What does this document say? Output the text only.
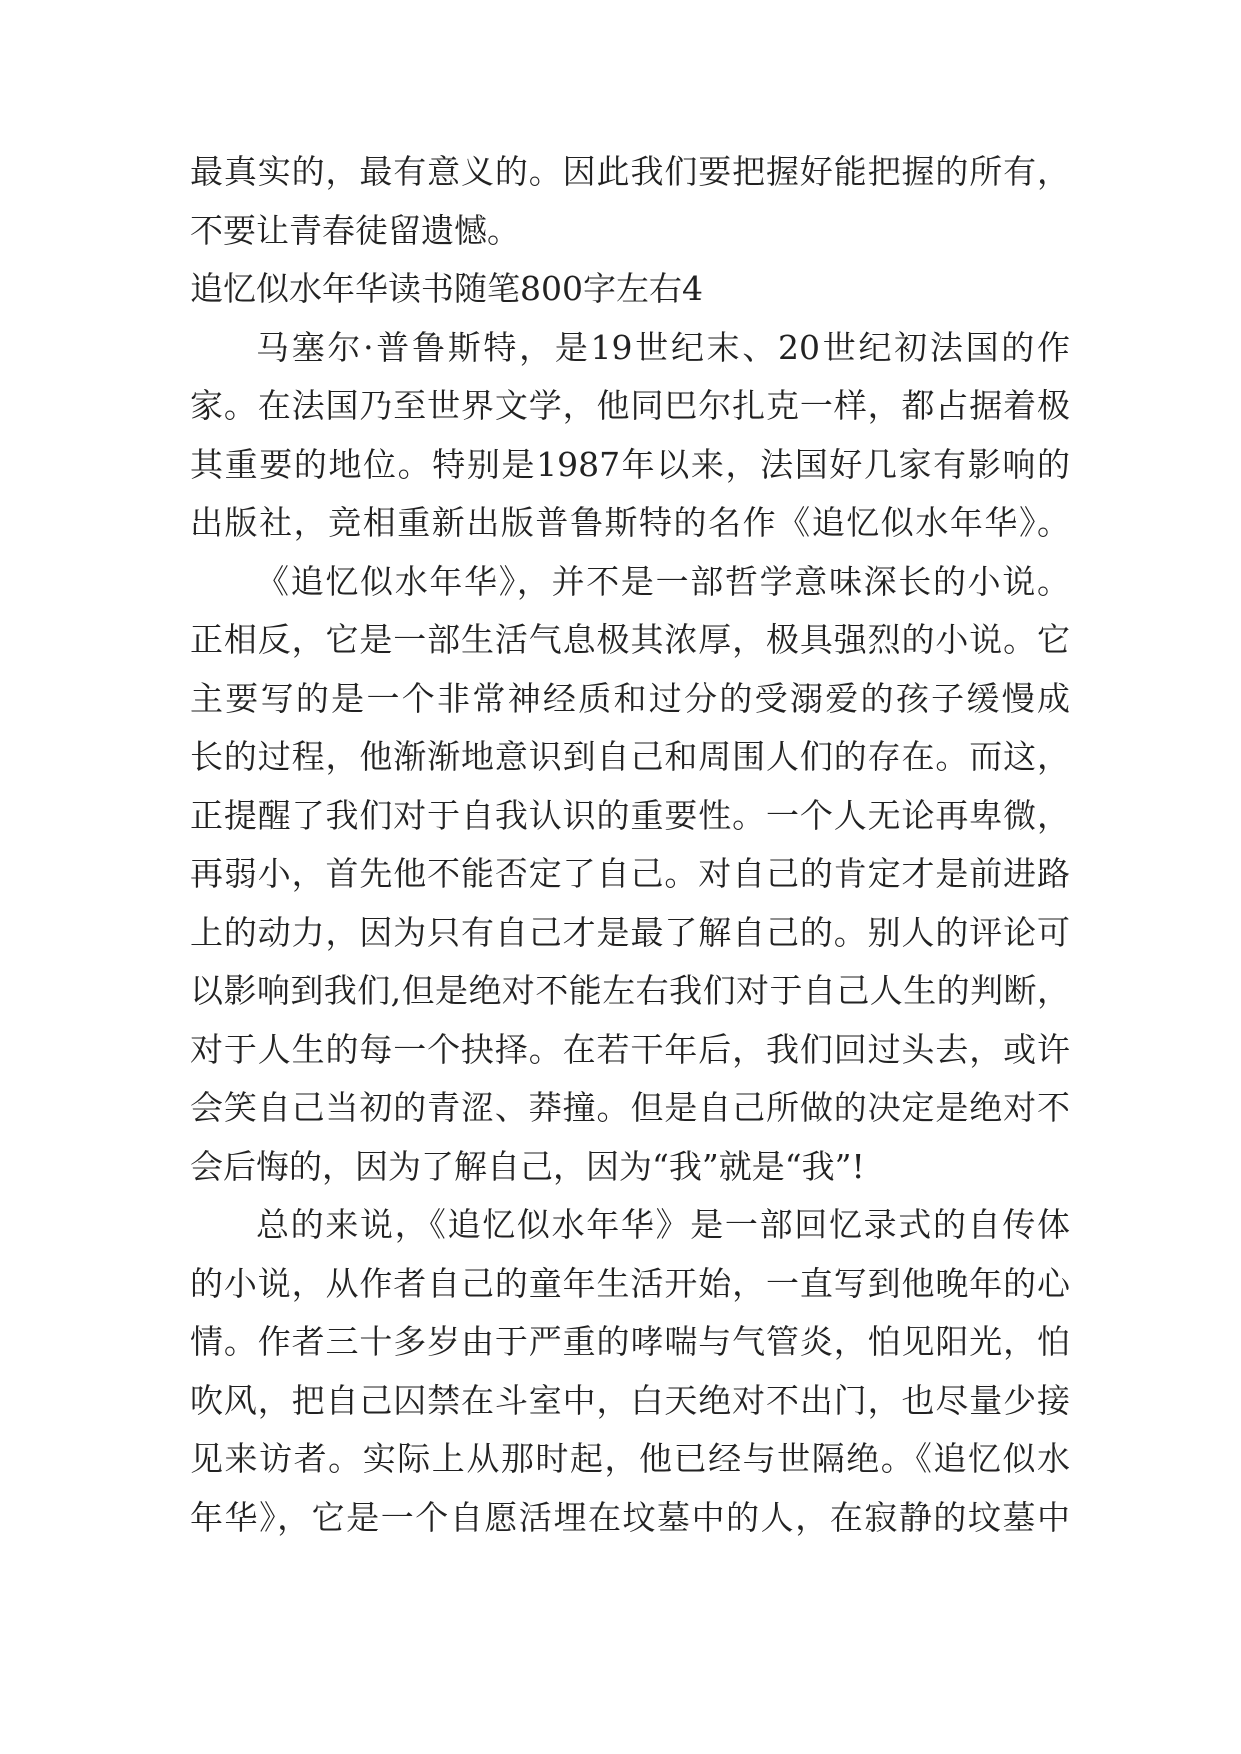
最真实的，最有意义的。因此我们要把握好能把握的所有，
不要让青春徒留遗憾。
追忆似水年华读书随笔800字左右4
马塞尔·普鲁斯特，是19世纪末、20世纪初法国的作
家。在法国乃至世界文学，他同巴尔扎克一样，都占据着极
其重要的地位。特别是1987年以来，法国好几家有影响的
出版社，竞相重新出版普鲁斯特的名作《追忆似水年华》。
《追忆似水年华》，并不是一部哲学意味深长的小说。
正相反，它是一部生活气息极其浓厚，极具强烈的小说。它
主要写的是一个非常神经质和过分的受溺爱的孩子缓慢成
长的过程，他渐渐地意识到自己和周围人们的存在。而这，
正提醒了我们对于自我认识的重要性。一个人无论再卑微，
再弱小，首先他不能否定了自己。对自己的肯定才是前进路
上的动力，因为只有自己才是最了解自己的。别人的评论可
以影响到我们,但是绝对不能左右我们对于自己人生的判断，
对于人生的每一个抉择。在若干年后，我们回过头去，或许
会笑自己当初的青涩、莽撞。但是自己所做的决定是绝对不
会后悔的，因为了解自己，因为“我”就是“我”!
总的来说，《追忆似水年华》是一部回忆录式的自传体
的小说，从作者自己的童年生活开始，一直写到他晚年的心
情。作者三十多岁由于严重的哮喘与气管炎，怕见阳光，怕
吹风，把自己囚禁在斗室中，白天绝对不出门，也尽量少接
见来访者。实际上从那时起，他已经与世隔绝。《追忆似水
年华》，它是一个自愿活埋在坟墓中的人，在寂静的坟墓中
